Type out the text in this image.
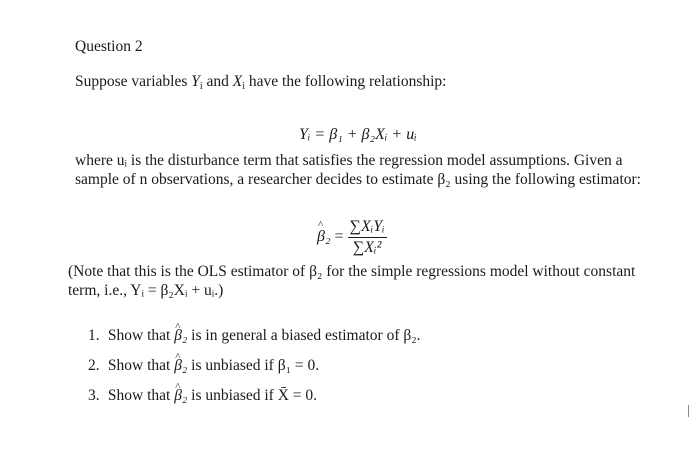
Question 2
Suppose variables $Y_i$ and $X_i$ have the following relationship:
Yᵢ = β₁ + β₂Xᵢ + uᵢ
where uᵢ is the disturbance term that satisfies the regression model assumptions. Given a
sample of n observations, a researcher decides to estimate β₂ using the following estimator:
^ $\beta_2 = \frac{\text{∑XᵢYᵢ}}{\text{∑Xᵢ²}}$
(Note that this is the OLS estimator of β₂ for the simple regressions model without constant
term, i.e., Yᵢ = β₂Xᵢ + uᵢ.)
1. Show that ^ β₂ is in general a biased estimator of β₂.
2. Show that ^ β₂ is unbiased if β₁ = 0.
3. Show that ^ β₂ is unbiased if X̄ = 0.
